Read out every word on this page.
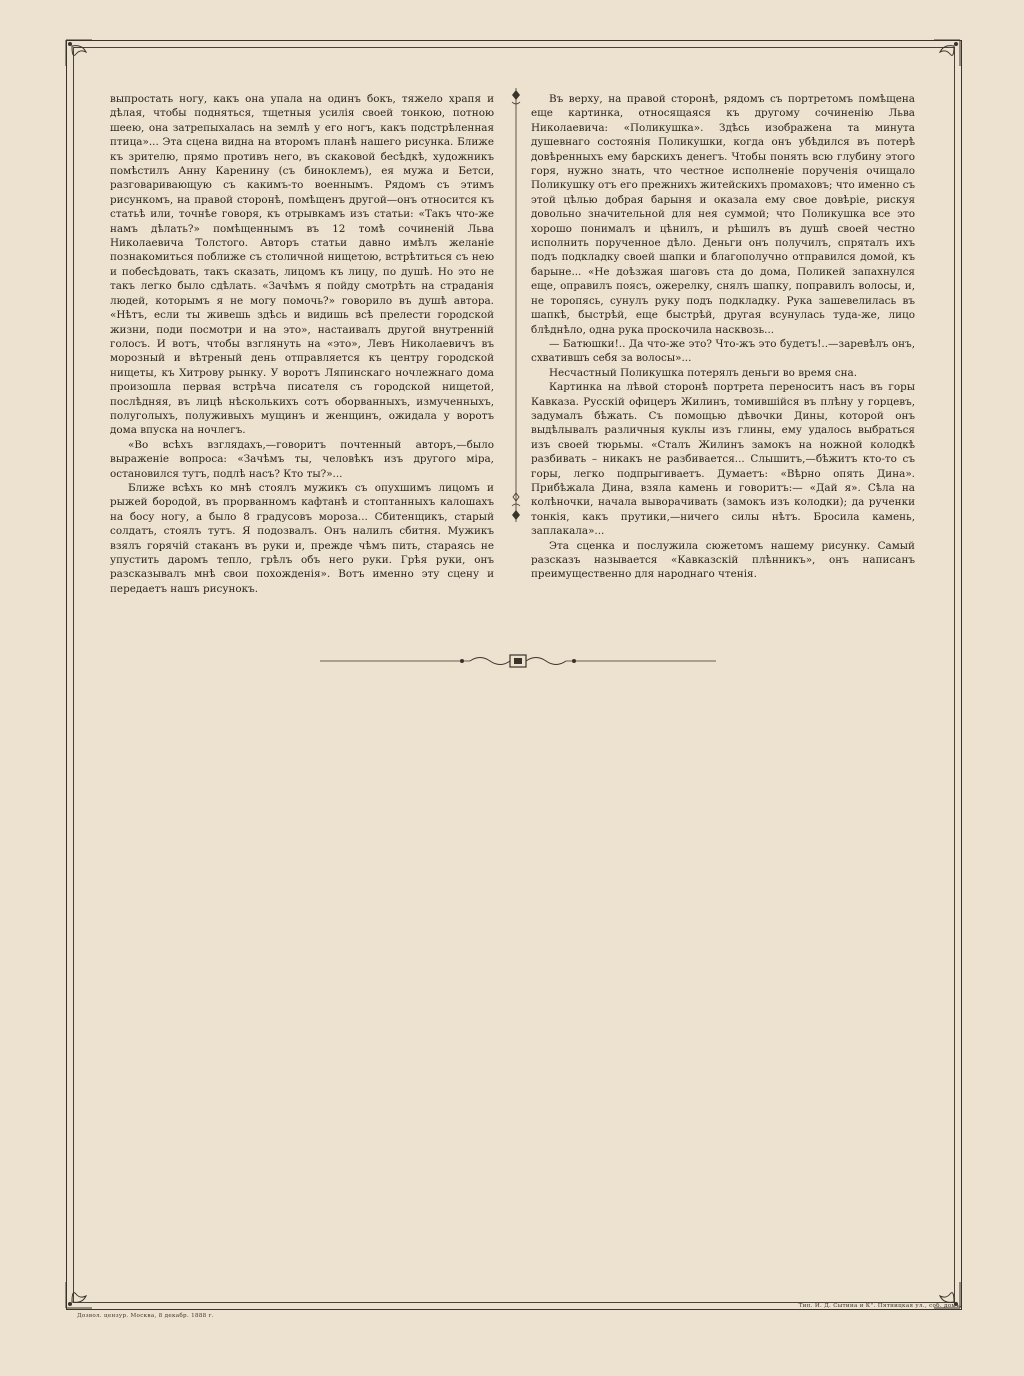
выпростать ногу, какъ она упала на одинъ бокъ, тяжело храпя и дѣлая, чтобы подняться, тщетныя усилія своей тонкою, потною шеею, она затрепыхалась на землѣ у его ногъ, какъ подстрѣленная птица»... Эта сцена видна на второмъ планѣ нашего рисунка. Ближе къ зрителю, прямо противъ него, въ скаковой бесѣдкѣ, художникъ помѣстилъ Анну Каренину (съ биноклемъ), ея мужа и Бетси, разговаривающую съ какимъ-то военнымъ. Рядомъ съ этимъ рисункомъ, на правой сторонѣ, помѣщенъ другой—онъ относится къ статьѣ или, точнѣе говоря, къ отрывкамъ изъ статьи: «Такъ что-же намъ дѣлать?» помѣщеннымъ въ 12 томѣ сочиненій Льва Николаевича Толстого. Авторъ статьи давно имѣлъ желаніе познакомиться поближе съ столичной нищетою, встрѣтиться съ нею и побесѣдовать, такъ сказать, лицомъ къ лицу, по душѣ. Но это не такъ легко было сдѣлать. «Зачѣмъ я пойду смотрѣть на страданія людей, которымъ я не могу помочь?» говорило въ душѣ автора. «Нѣтъ, если ты живешь здѣсь и видишь всѣ прелести городской жизни, поди посмотри и на это», настаивалъ другой внутренній голосъ. И вотъ, чтобы взглянуть на «это», Левъ Николаевичъ въ морозный и вѣтреный день отправляется къ центру городской нищеты, къ Хитрову рынку. У воротъ Ляпинскаго ночлежнаго дома произошла первая встрѣча писателя съ городской нищетой, послѣдняя, въ лицѣ нѣсколькихъ сотъ оборванныхъ, измученныхъ, полуголыхъ, полуживыхъ мущинъ и женщинъ, ожидала у воротъ дома впуска на ночлегъ.

«Во всѣхъ взглядахъ,—говоритъ почтенный авторъ,—было выраженіе вопроса: «Зачѣмъ ты, человѣкъ изъ другого міра, остановился тутъ, подлѣ насъ? Кто ты?»...

Ближе всѣхъ ко мнѣ стоялъ мужикъ съ опухшимъ лицомъ и рыжей бородой, въ прорванномъ кафтанѣ и стоптанныхъ калошахъ на босу ногу, а было 8 градусовъ мороза... Сбитенщикъ, старый солдатъ, стоялъ тутъ. Я подозвалъ. Онъ налилъ сбитня. Мужикъ взялъ горячій стаканъ въ руки и, прежде чѣмъ пить, стараясь не упустить даромъ тепло, грѣлъ объ него руки. Грѣя руки, онъ разсказывалъ мнѣ свои похожденія». Вотъ именно эту сцену и передаетъ нашъ рисунокъ.

Въ верху, на правой сторонѣ, рядомъ съ портретомъ помѣщена еще картинка, относящаяся къ другому сочиненію Льва Николаевича: «Поликушка». Здѣсь изображена та минута душевнаго состоянія Поликушки, когда онъ убѣдился въ потерѣ довѣренныхъ ему барскихъ денегъ. Чтобы понять всю глубину этого горя, нужно знать, что честное исполненіе порученія очищало Поликушку отъ его прежнихъ житейскихъ промаховъ; что именно съ этой цѣлью добрая барыня и оказала ему свое довѣріе, рискуя довольно значительной для нея суммой; что Поликушка все это хорошо понималъ и цѣнилъ, и рѣшилъ въ душѣ своей честно исполнить порученное дѣло. Деньги онъ получилъ, спряталъ ихъ подъ подкладку своей шапки и благополучно отправился домой, къ барыне... «Не доѣзжая шаговъ ста до дома, Поликей запахнулся еще, оправилъ поясъ, ожерелку, снялъ шапку, поправилъ волосы, и, не торопясь, сунулъ руку подъ подкладку. Рука зашевелилась въ шапкѣ, быстрѣй, еще быстрѣй, другая всунулась туда-же, лицо блѣднѣло, одна рука проскочила насквозь...

— Батюшки!.. Да что-же это? Что-жъ это будетъ!..—заревѣлъ онъ, схватившъ себя за волосы»...

Несчастный Поликушка потерялъ деньги во время сна.

Картинка на лѣвой сторонѣ портрета переноситъ насъ въ горы Кавказа. Русскій офицеръ Жилинъ, томившійся въ плѣну у горцевъ, задумалъ бѣжать. Съ помощью дѣвочки Дины, которой онъ выдѣлывалъ различныя куклы изъ глины, ему удалось выбраться изъ своей тюрьмы. «Сталъ Жилинъ замокъ на ножной колодкѣ разбивать – никакъ не разбивается... Слышитъ,—бѣжитъ кто-то съ горы, легко подпрыгиваетъ. Думаетъ: «Вѣрно опять Дина». Прибѣжала Дина, взяла камень и говоритъ:— «Дай я». Сѣла на колѣночки, начала выворачивать (замокъ изъ колодки); да рученки тонкія, какъ прутики,—ничего силы нѣтъ. Бросила камень, заплакала»...

Эта сценка и послужила сюжетомъ нашему рисунку. Самый разсказъ называется «Кавказскій плѣнникъ», онъ написанъ преимущественно для народнаго чтенія.

Дозвол. цензур. Москва, 8 декабр. 1888 г.
Тип. И. Д. Сытина и К°. Пятницкая ул., соб. домъ.
